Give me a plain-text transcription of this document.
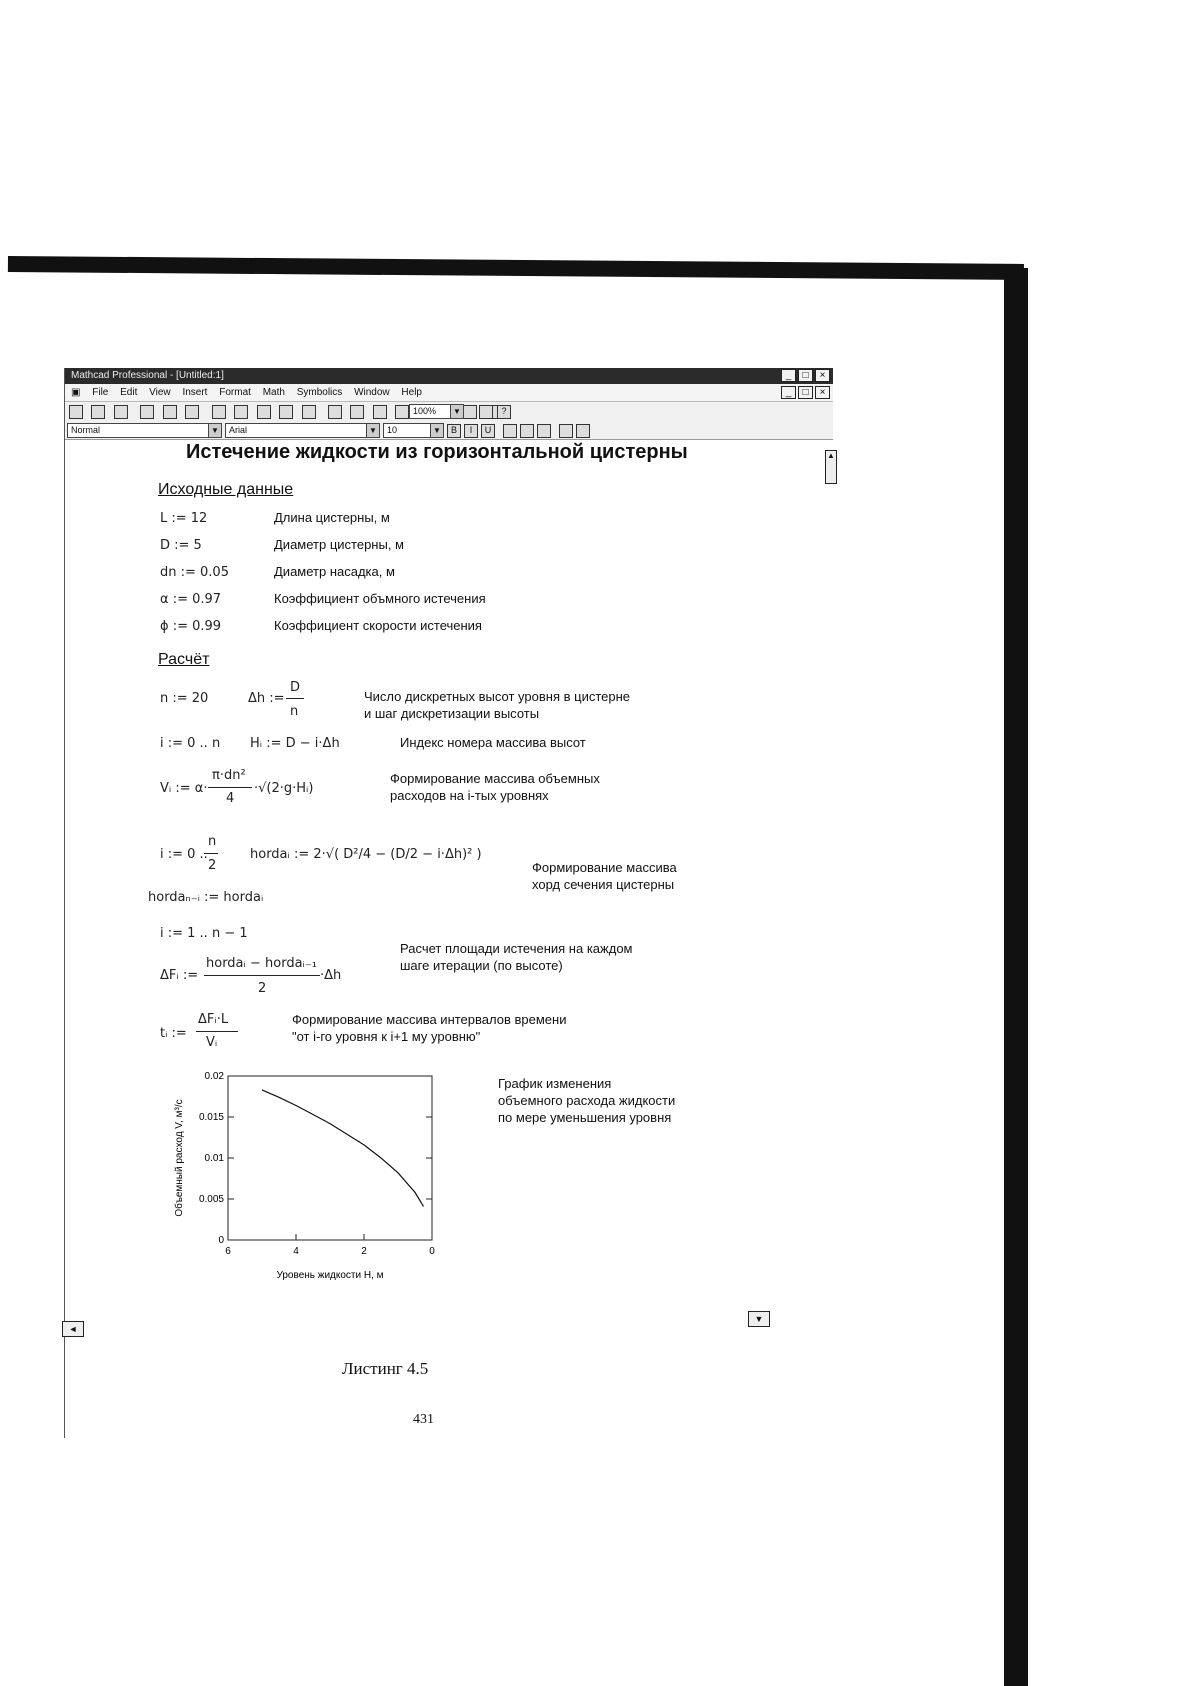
Mathcad Professional - [Untitled:1]	_	□	×
▣ File Edit View Insert Format Math Symbolics Window Help	_	□	×

100%	▼	?
Normal	▼	Arial	▼	10	▼	B	I	U
▲
Истечение жидкости из горизонтальной цистерны
Исходные данные
L := 12	Длина цистерны, м
D := 5	Диаметр цистерны, м
dn := 0.05	Диаметр насадка, м
α := 0.97	Коэффициент объмного истечения
ϕ := 0.99	Коэффициент скорости истечения
Расчёт
n := 20	Δh :=
D
n
Число дискретных высот уровня в цистерне
и шаг дискретизации высоты
i := 0 .. n Hᵢ := D − i·Δh	Индекс номера массива высот
Vᵢ := α·
π·dn²
4
·√(2·g·Hᵢ)
Формирование массива объемных
расходов на i-тых уровнях
i := 0 ..
n
2
hordaᵢ := 2·√( D²/4 − (D/2 − i·Δh)² )
Формирование массива
хорд сечения цистерны
hordaₙ₋ᵢ := hordaᵢ
i := 1 .. n − 1
Расчет площади истечения на каждом
шаге итерации (по высоте)
ΔFᵢ :=
hordaᵢ − hordaᵢ₋₁
2
·Δh
tᵢ :=
ΔFᵢ·L
Vᵢ
Формирование массива интервалов времени
"от i-го уровня к i+1 му уровню"
График изменения
объемного расхода жидкости
по мере уменьшения уровня
6	4	2	0
0
0.005
0.01
0.015
0.02
Уровень жидкости H, м
Объемный расход V, м³/с
◄
▼
Листинг 4.5
431
